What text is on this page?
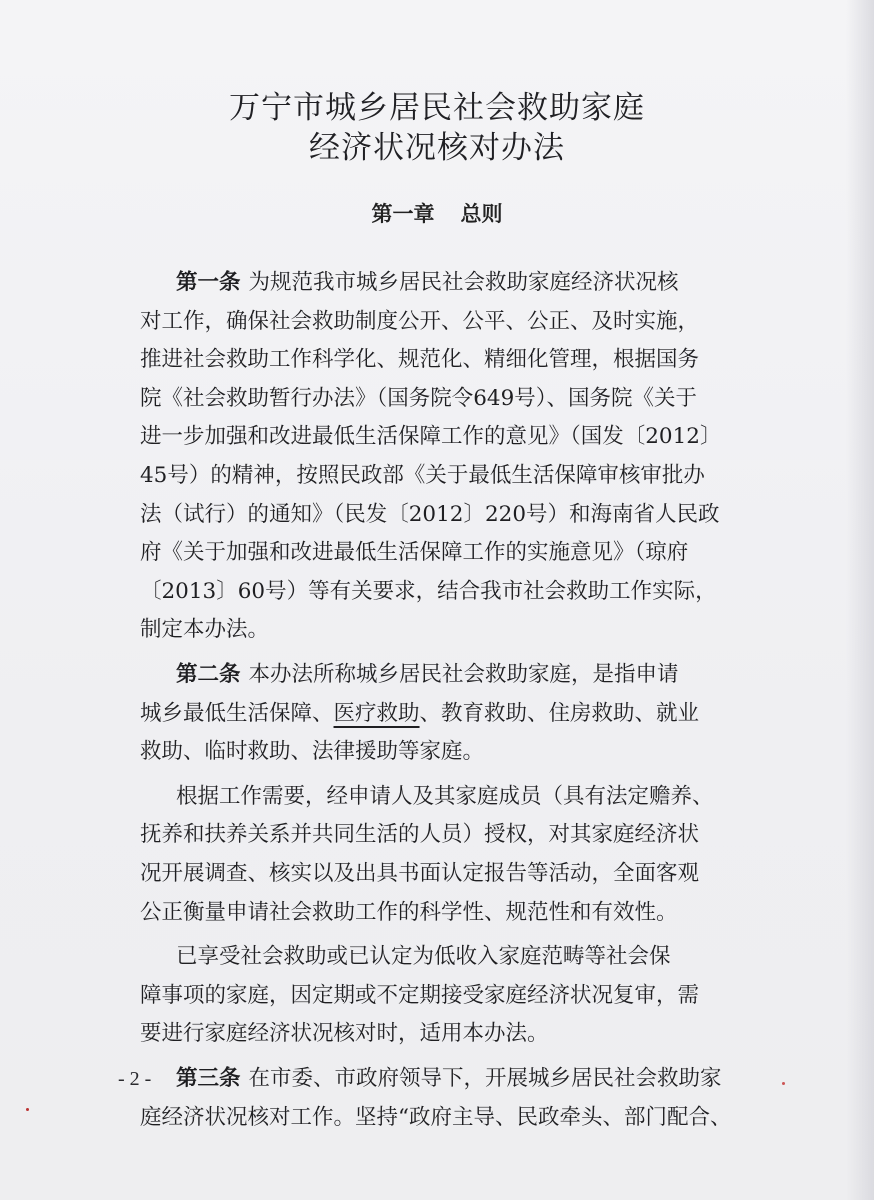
万宁市城乡居民社会救助家庭
经济状况核对办法
第一章 总则
第一条 为规范我市城乡居民社会救助家庭经济状况核
对工作，确保社会救助制度公开、公平、公正、及时实施，
推进社会救助工作科学化、规范化、精细化管理，根据国务
院《社会救助暂行办法》（国务院令649号）、国务院《关于
进一步加强和改进最低生活保障工作的意见》（国发〔2012〕
45号）的精神，按照民政部《关于最低生活保障审核审批办
法（试行）的通知》（民发〔2012〕220号）和海南省人民政
府《关于加强和改进最低生活保障工作的实施意见》（琼府
〔2013〕60号）等有关要求，结合我市社会救助工作实际，
制定本办法。
第二条 本办法所称城乡居民社会救助家庭，是指申请
城乡最低生活保障、医疗救助、教育救助、住房救助、就业
救助、临时救助、法律援助等家庭。
根据工作需要，经申请人及其家庭成员（具有法定赡养、
抚养和扶养关系并共同生活的人员）授权，对其家庭经济状
况开展调查、核实以及出具书面认定报告等活动，全面客观
公正衡量申请社会救助工作的科学性、规范性和有效性。
已享受社会救助或已认定为低收入家庭范畴等社会保
障事项的家庭，因定期或不定期接受家庭经济状况复审，需
要进行家庭经济状况核对时，适用本办法。
- 2 - 第三条 在市委、市政府领导下，开展城乡居民社会救助家
庭经济状况核对工作。坚持“政府主导、民政牵头、部门配合、
